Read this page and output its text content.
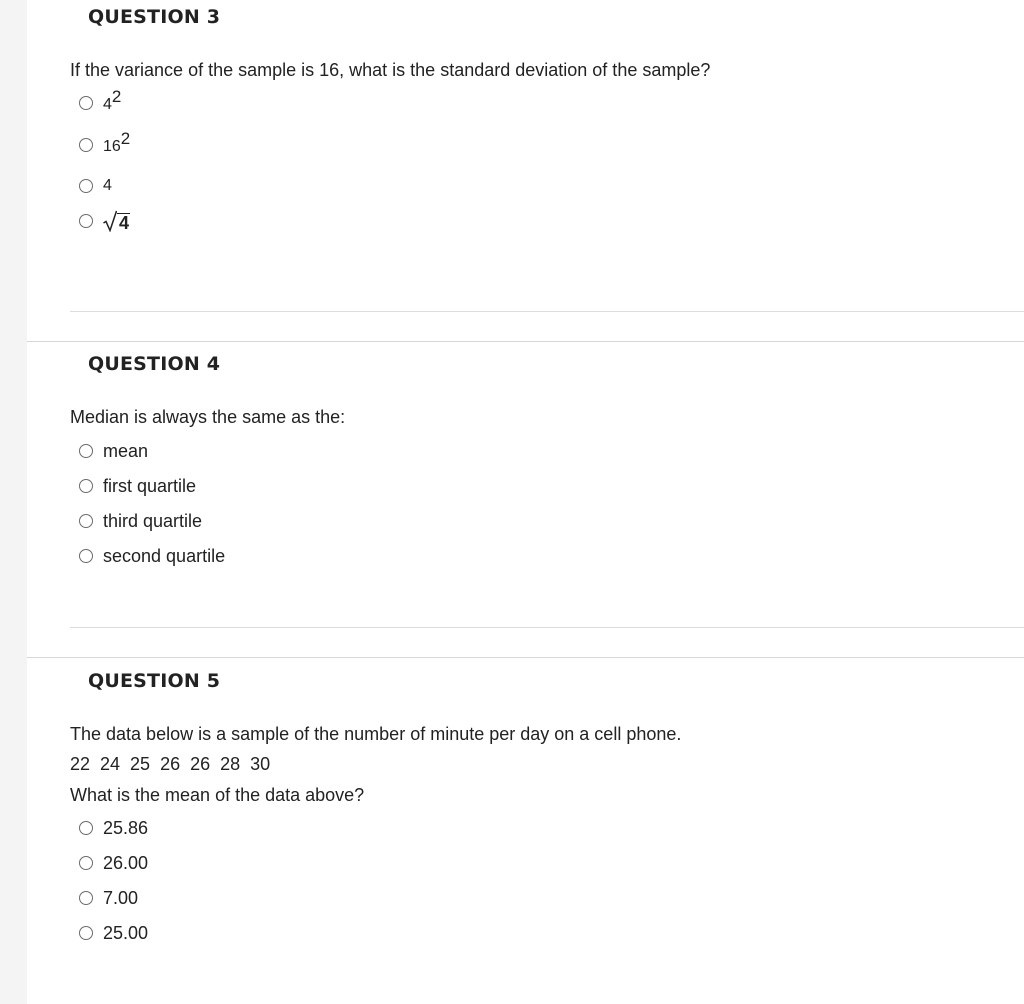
QUESTION 3
If the variance of the sample is 16, what is the standard deviation of the sample?
$4^2$
$16^2$
4
4
QUESTION 4
Median is always the same as the:
mean
first quartile
third quartile
second quartile
QUESTION 5
The data below is a sample of the number of minute per day on a cell phone.
22  24  25  26  26  28  30
What is the mean of the data above?
25.86
26.00
7.00
25.00
